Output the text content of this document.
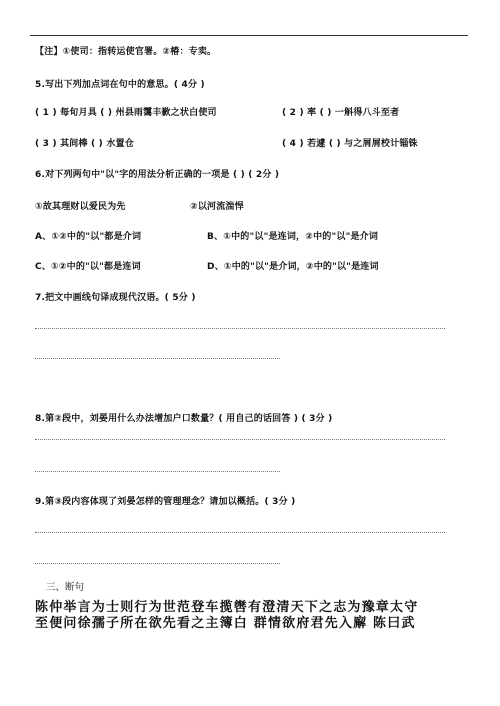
【注】①使司：指转运使官署。②椿：专卖。
5.写出下列加点词在句中的意思。( 4分 )
( 1 ) 每旬月具 ( ) 州县雨霭丰歉之状白使司	( 2 ) 率 ( ) 一斛得八斗至者
( 3 ) 其间棒 ( ) 水置仓	( 4 ) 若遽 ( ) 与之屑屑校计锱铢
6.对下列两句中"以"字的用法分析正确的一项是 ( ) ( 2分 )
①故其理财以爱民为先	②以河流湍悍
A、①②中的"以"都是介词	B、①中的"以"是连词，②中的"以"是介词
C、①②中的"以"都是连词	D、①中的"以"是介词，②中的"以"是连词
7.把文中画线句译成现代汉语。( 5分 )
8.第②段中，刘晏用什么办法增加户口数量？( 用自己的话回答 ) ( 3分 )
9.第③段内容体现了刘晏怎样的管理理念？请加以概括。( 3分 )
三、断句
陈仲举言为士则行为世范登车揽辔有澄清天下之志为豫章太守
至便问徐孺子所在欲先看之主簿白 群情欲府君先入廨 陈曰武
